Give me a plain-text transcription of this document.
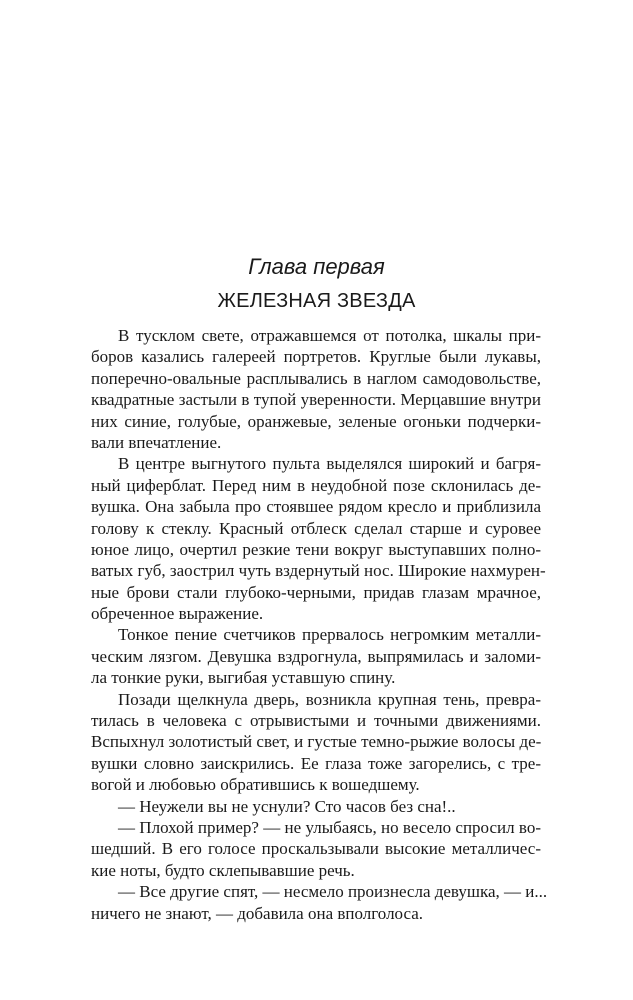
Глава первая
ЖЕЛЕЗНАЯ ЗВЕЗДА
В тусклом свете, отражавшемся от потолка, шкалы при-
боров казались галереей портретов. Круглые были лукавы,
поперечно-овальные расплывались в наглом самодовольстве,
квадратные застыли в тупой уверенности. Мерцавшие внутри
них синие, голубые, оранжевые, зеленые огоньки подчерки-
вали впечатление.
В центре выгнутого пульта выделялся широкий и багря-
ный циферблат. Перед ним в неудобной позе склонилась де-
вушка. Она забыла про стоявшее рядом кресло и приблизила
голову к стеклу. Красный отблеск сделал старше и суровее
юное лицо, очертил резкие тени вокруг выступавших полно-
ватых губ, заострил чуть вздернутый нос. Широкие нахмурен-
ные брови стали глубоко-черными, придав глазам мрачное,
обреченное выражение.
Тонкое пение счетчиков прервалось негромким металли-
ческим лязгом. Девушка вздрогнула, выпрямилась и заломи-
ла тонкие руки, выгибая уставшую спину.
Позади щелкнула дверь, возникла крупная тень, превра-
тилась в человека с отрывистыми и точными движениями.
Вспыхнул золотистый свет, и густые темно-рыжие волосы де-
вушки словно заискрились. Ее глаза тоже загорелись, с тре-
вогой и любовью обратившись к вошедшему.
— Неужели вы не уснули? Сто часов без сна!..
— Плохой пример? — не улыбаясь, но весело спросил во-
шедший. В его голосе проскальзывали высокие металличес-
кие ноты, будто склепывавшие речь.
— Все другие спят, — несмело произнесла девушка, — и...
ничего не знают, — добавила она вполголоса.
